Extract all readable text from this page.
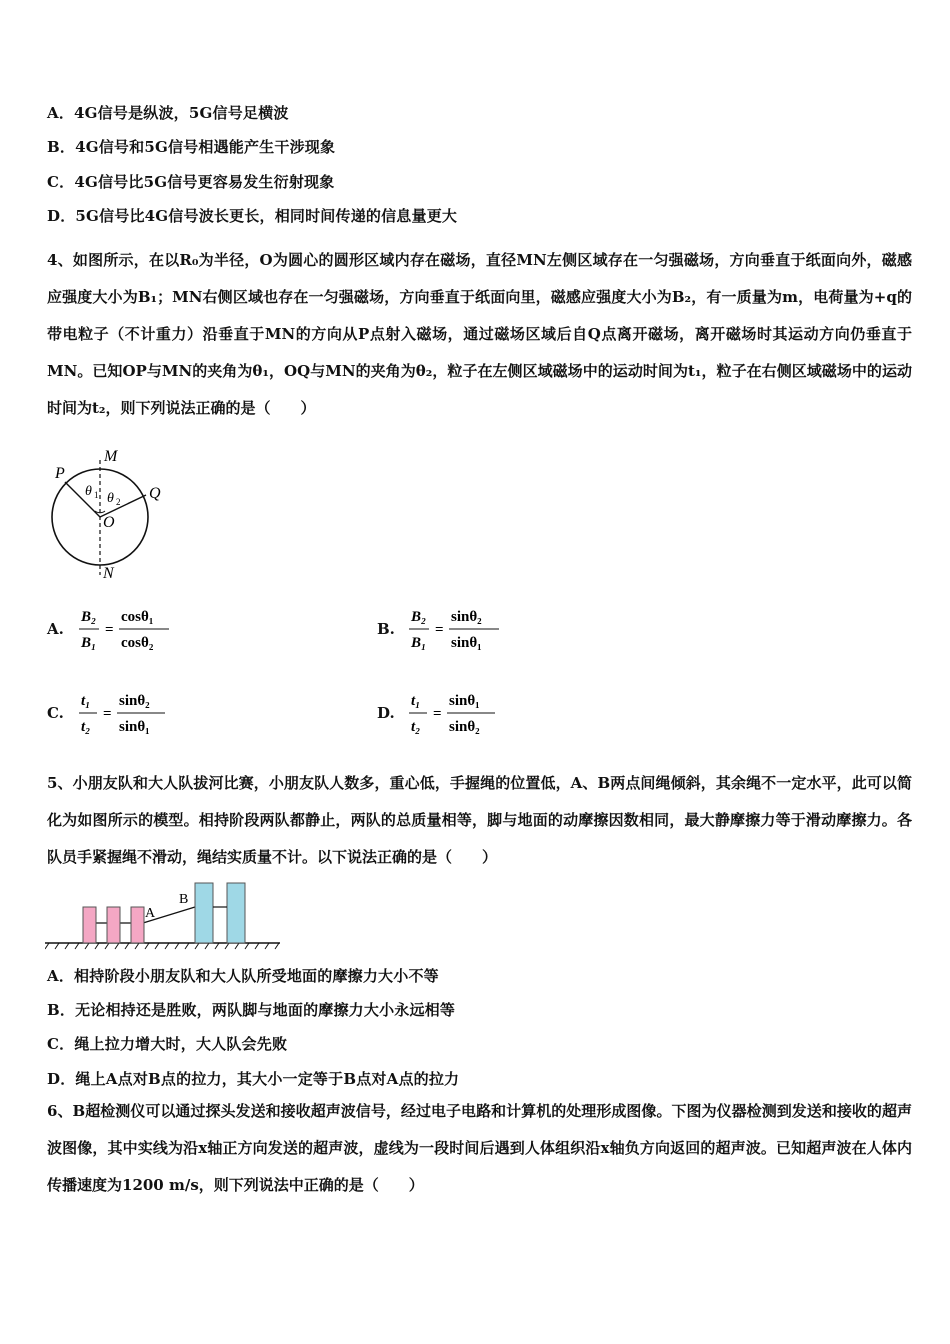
A．4G信号是纵波，5G信号足横波
B．4G信号和5G信号相遇能产生干涉现象
C．4G信号比5G信号更容易发生衍射现象
D．5G信号比4G信号波长更长，相同时间传递的信息量更大
4、如图所示，在以R₀为半径，O为圆心的圆形区域内存在磁场，直径MN左侧区域存在一匀强磁场，方向垂直于纸面向外，磁感应强度大小为B₁；MN右侧区域也存在一匀强磁场，方向垂直于纸面向里，磁感应强度大小为B₂，有一质量为m，电荷量为+q的带电粒子（不计重力）沿垂直于MN的方向从P点射入磁场，通过磁场区域后自Q点离开磁场，离开磁场时其运动方向仍垂直于MN。已知OP与MN的夹角为θ₁，OQ与MN的夹角为θ₂，粒子在左侧区域磁场中的运动时间为t₁，粒子在右侧区域磁场中的运动时间为t₂，则下列说法正确的是（　　）
M
N
P
Q
O
θ 1 θ 2
A.
B₂
B₁
=
cosθ₁
cosθ₂
B.
B₂
B₁
=
sinθ₂
sinθ₁
C.
t₁
t₂
=
sinθ₂
sinθ₁
D.
t₁
t₂
=
sinθ₁
sinθ₂
5、小朋友队和大人队拔河比赛，小朋友队人数多，重心低，手握绳的位置低，A、B两点间绳倾斜，其余绳不一定水平，此可以简化为如图所示的模型。相持阶段两队都静止，两队的总质量相等，脚与地面的动摩擦因数相同，最大静摩擦力等于滑动摩擦力。各队员手紧握绳不滑动，绳结实质量不计。以下说法正确的是（　　）
A
B
A．相持阶段小朋友队和大人队所受地面的摩擦力大小不等
B．无论相持还是胜败，两队脚与地面的摩擦力大小永远相等
C．绳上拉力增大时，大人队会先败
D．绳上A点对B点的拉力，其大小一定等于B点对A点的拉力
6、B超检测仪可以通过探头发送和接收超声波信号，经过电子电路和计算机的处理形成图像。下图为仪器检测到发送和接收的超声波图像，其中实线为沿x轴正方向发送的超声波，虚线为一段时间后遇到人体组织沿x轴负方向返回的超声波。已知超声波在人体内传播速度为1200 m/s，则下列说法中正确的是（　　）
